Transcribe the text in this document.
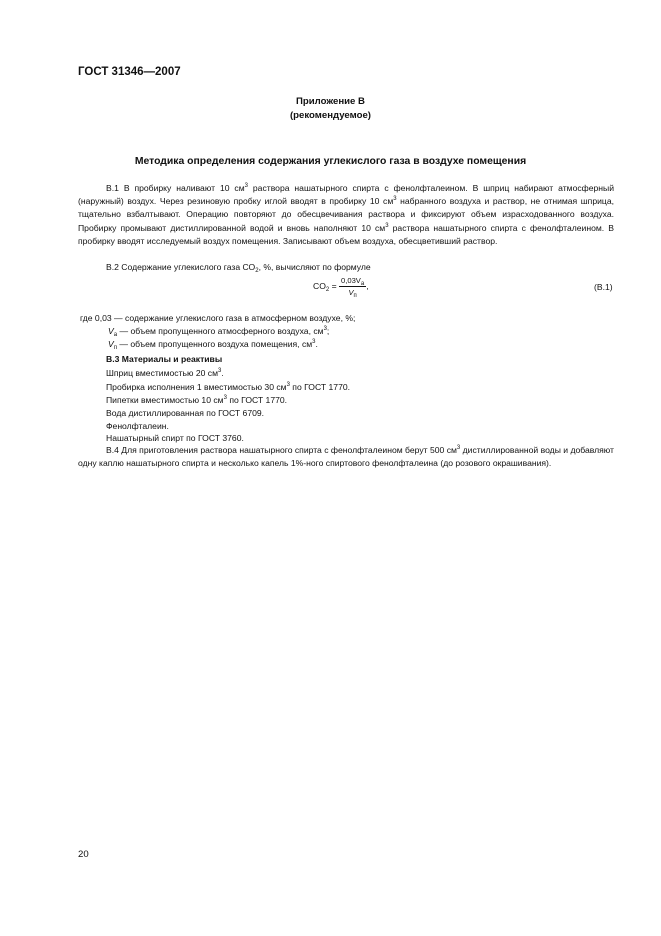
ГОСТ 31346—2007
Приложение В
(рекомендуемое)
Методика определения содержания углекислого газа в воздухе помещения
В.1 В пробирку наливают 10 $см^3$ раствора нашатырного спирта с фенолфталеином. В шприц набирают атмосферный (наружный) воздух. Через резиновую пробку иглой вводят в пробирку 10 $см^3$ набранного воздуха и раствор, не отнимая шприца, тщательно взбалтывают. Операцию повторяют до обесцвечивания раствора и фиксируют объем израсходованного воздуха. Пробирку промывают дистиллированной водой и вновь наполняют 10 $см^3$ раствора нашатырного спирта с фенолфталеином. В пробирку вводят исследуемый воздух помещения. Записывают объем воздуха, обесцветивший раствор.
В.2 Содержание углекислого газа $СО_2$, %, вычисляют по формуле
$CO_2 = \frac{0,03V_a}{V_п}$ ,	(В.1)
где 0,03 — содержание углекислого газа в атмосферном воздухе, %;
$V_а$ — объем пропущенного атмосферного воздуха, $см^3$;
$V_п$ — объем пропущенного воздуха помещения, $см^3$.
В.3 Материалы и реактивы
Шприц вместимостью 20 $см^3$.
Пробирка исполнения 1 вместимостью 30 $см^3$ по ГОСТ 1770.
Пипетки вместимостью 10 $см^3$ по ГОСТ 1770.
Вода дистиллированная по ГОСТ 6709.
Фенолфталеин.
Нашатырный спирт по ГОСТ 3760.
В.4 Для приготовления раствора нашатырного спирта с фенолфталеином берут 500 $см^3$ дистиллированной воды и добавляют одну каплю нашатырного спирта и несколько капель 1%-ного спиртового фенолфталеина (до розового окрашивания).
20
